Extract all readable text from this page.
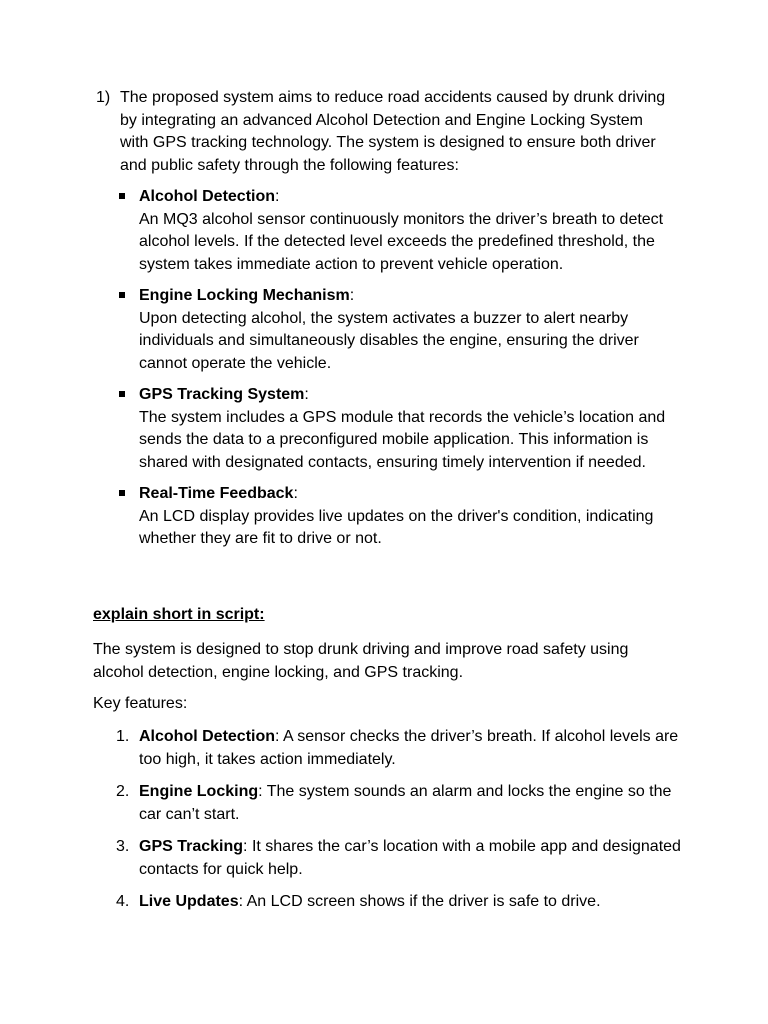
1) The proposed system aims to reduce road accidents caused by drunk driving by integrating an advanced Alcohol Detection and Engine Locking System with GPS tracking technology. The system is designed to ensure both driver and public safety through the following features:

Alcohol Detection:
An MQ3 alcohol sensor continuously monitors the driver’s breath to detect alcohol levels. If the detected level exceeds the predefined threshold, the system takes immediate action to prevent vehicle operation.
Engine Locking Mechanism:
Upon detecting alcohol, the system activates a buzzer to alert nearby individuals and simultaneously disables the engine, ensuring the driver cannot operate the vehicle.
GPS Tracking System:
The system includes a GPS module that records the vehicle’s location and sends the data to a preconfigured mobile application. This information is shared with designated contacts, ensuring timely intervention if needed.
Real-Time Feedback:
An LCD display provides live updates on the driver's condition, indicating whether they are fit to drive or not.

explain short in script:

The system is designed to stop drunk driving and improve road safety using alcohol detection, engine locking, and GPS tracking.

Key features:

1. Alcohol Detection: A sensor checks the driver’s breath. If alcohol levels are too high, it takes action immediately.
2. Engine Locking: The system sounds an alarm and locks the engine so the car can’t start.
3. GPS Tracking: It shares the car’s location with a mobile app and designated contacts for quick help.
4. Live Updates: An LCD screen shows if the driver is safe to drive.
